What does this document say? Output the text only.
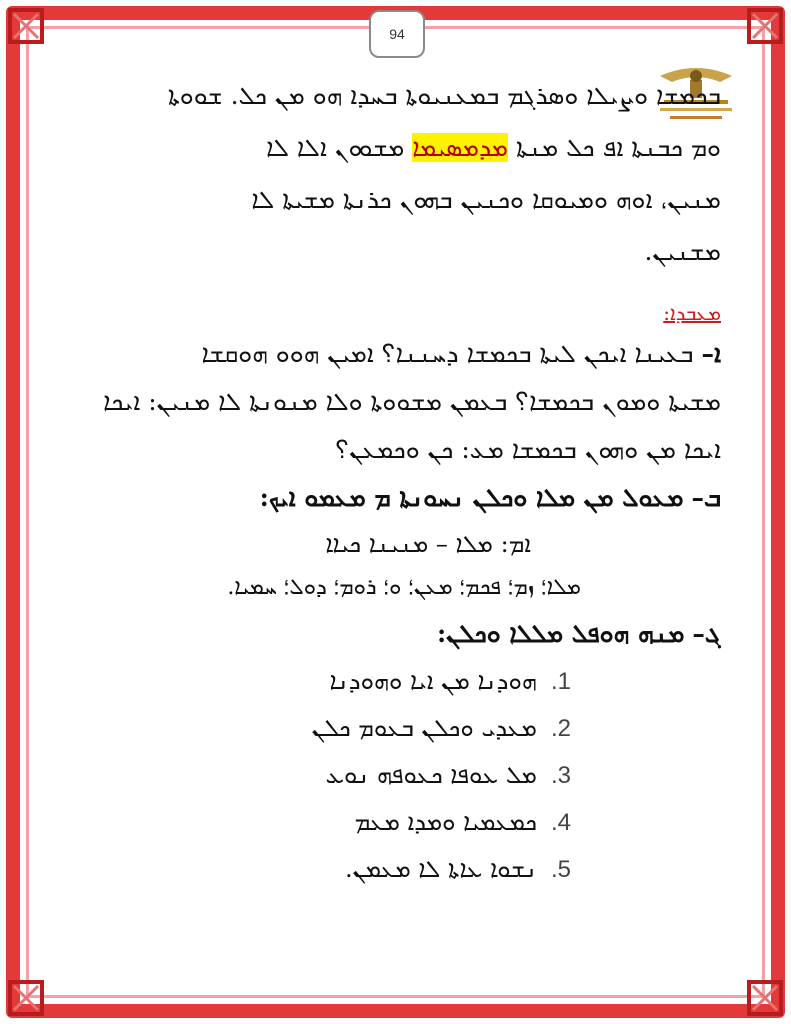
94
ܒܟܡܫܐ ܘܨܝܠܐ ܘܣܪܓܡ ܒܡܥܢܝܘܬܐ ܒܚܕܐ ܗܘ ܡܢ ܟܠ. ܫܘܘܬܐ
ܘܡ ܟܒܢܬܐ ܐܦ ܟܠ ܡܢܬܐ ܡܕܡܣܝܡܐ ܡܫܘܘܢ ܐܠܐ ܠܐ
ܡܢܝܢ، ܐܘܗ ܘܡܝܘܩܐ ܘܟܢܝܢ ܒܗܘܢ ܟܪܢܬܐ ܡܫܝܬܐ ܠܐ
ܡܫܢܝܢ.
ܡܥܒܕܐ:
ܐ– ܒܥܝܢܐ ܐܝܟܢ ܠܝܬܐ ܒܟܡܫܐ ܕܚܢܢܐ؟ ܐܡܝܢ ܗܘܘ ܗܘܩܫܐ
ܡܫܝܬܐ ܘܡܘܢ ܒܟܡܫܐ؟ ܒܥܡܢ ܡܫܘܘܬܐ ܘܠܐ ܡܢܘܢܬܐ ܠܐ ܡܢܝܢ: ܐܝܟܐ
ܐܝܟܐ ܡܢ ܘܗܘܢ ܒܟܡܫܐ ܡܥ: ܟܢ ܘܟܡܥܢ؟
ܒ– ܡܥܘܠ ܡܢ ܡܠܐ ܘܟܠܢ ܢܚܘܢܬܐ ܡ ܡܥܡܘ ܐܝܟ:
ܐܡ: ܡܠܐ – ܡܢܝܢܐ ܟܝܐܐ
ܡܠܐ؛ ܙܡ؛ ܦܟܡ؛ ܡܥܢ؛ ܘ؛ ܪܘܡ؛ ܕܘܠ؛ ܚܡܝܐ.
ܓ– ܡܢܗ ܗܘܦܠ ܡܠܠܐ ܘܟܠܢ:
1.ܗܘܕܢܐ ܡܢ ܐܝܐ ܘܗܘܕܢܐ
2.ܡܥܕܝ ܘܟܠܢ ܒܥܘܡ ܟܠܢ
3.ܡܠ ܥܘܦܐ ܟܥܘܦܗ ܢܘܥ
4.ܟܡܥܡܝܐ ܘܡܕܐ ܡܥܡ
5.ܢܫܘܐ ܥܐܬܐ ܠܐ ܡܥܡܢ.
